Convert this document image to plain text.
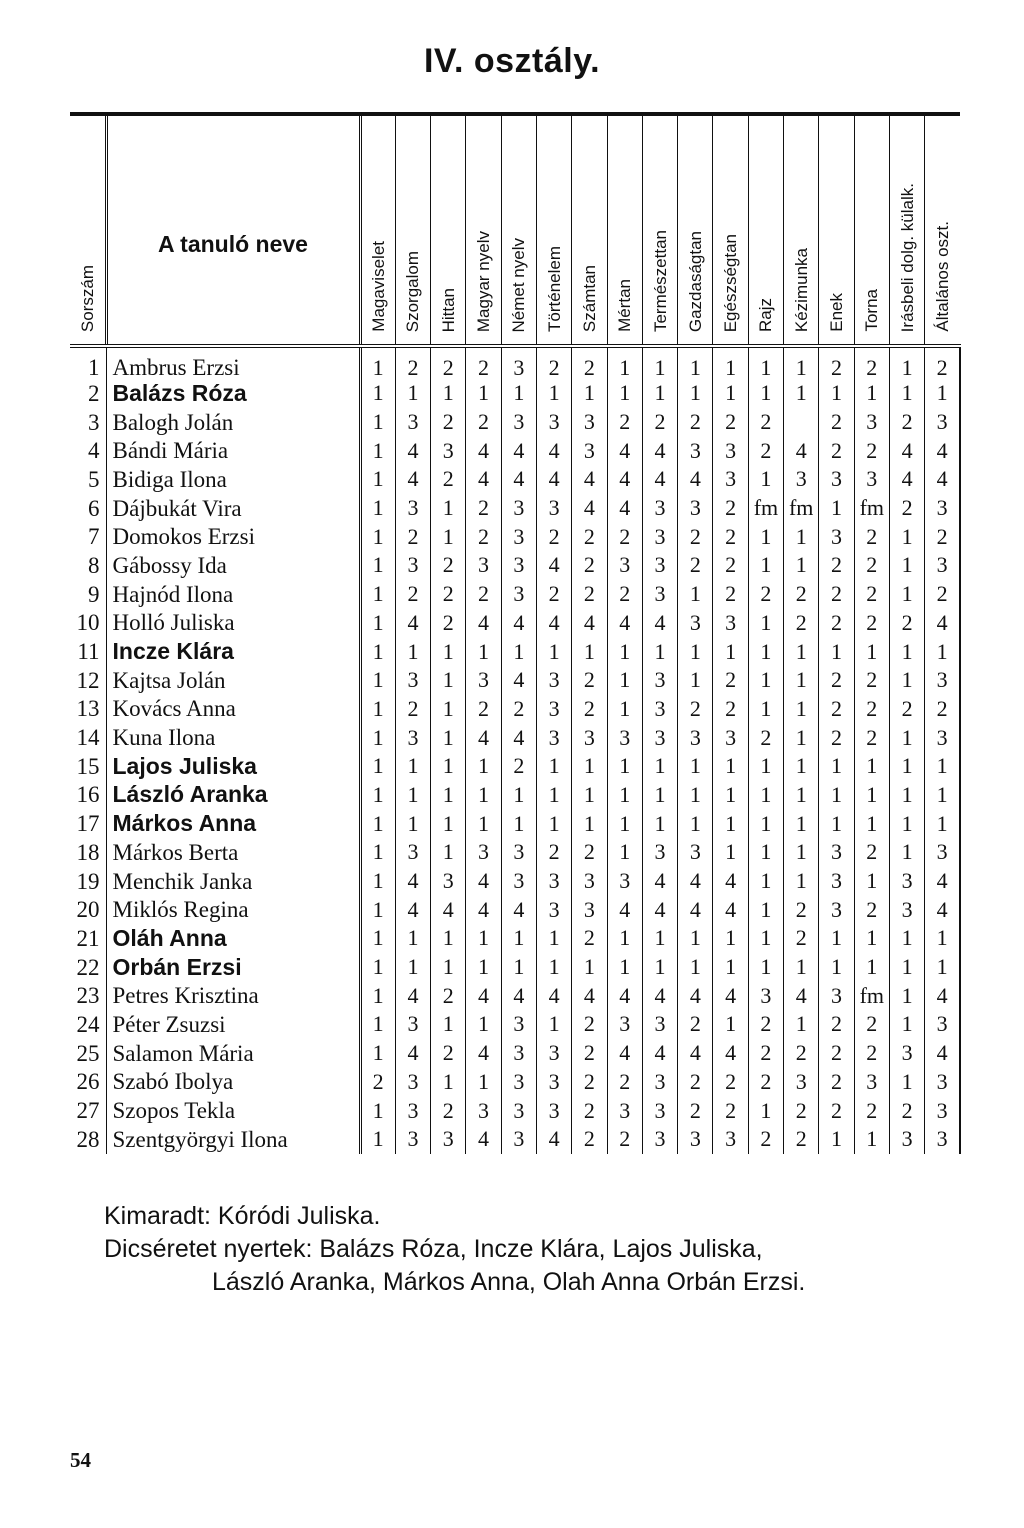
IV. osztály.
Sorszám	A tanuló neve	Magaviselet	Szorgalom	Hittan	Magyar nyelv	Német nyelv	Történelem	Számtan	Mértan	Természettan	Gazdaságtan	Egészségtan	Rajz	Kézimunka	Enek	Torna	Irásbeli dolg. külalk.	Általános oszt.
1	Ambrus Erzsi	1	2	2	2	3	2	2	1	1	1	1	1	1	2	2	1	2
2	Balázs Róza	1	1	1	1	1	1	1	1	1	1	1	1	1	1	1	1	1
3	Balogh Jolán	1	3	2	2	3	3	3	2	2	2	2	2		2	3	2	3
4	Bándi Mária	1	4	3	4	4	4	3	4	4	3	3	2	4	2	2	4	4
5	Bidiga Ilona	1	4	2	4	4	4	4	4	4	4	3	1	3	3	3	4	4
6	Dájbukát Vira	1	3	1	2	3	3	4	4	3	3	2	fm	fm	1	fm	2	3
7	Domokos Erzsi	1	2	1	2	3	2	2	2	3	2	2	1	1	3	2	1	2
8	Gábossy Ida	1	3	2	3	3	4	2	3	3	2	2	1	1	2	2	1	3
9	Hajnód Ilona	1	2	2	2	3	2	2	2	3	1	2	2	2	2	2	1	2
10	Holló Juliska	1	4	2	4	4	4	4	4	4	3	3	1	2	2	2	2	4
11	Incze Klára	1	1	1	1	1	1	1	1	1	1	1	1	1	1	1	1	1
12	Kajtsa Jolán	1	3	1	3	4	3	2	1	3	1	2	1	1	2	2	1	3
13	Kovács Anna	1	2	1	2	2	3	2	1	3	2	2	1	1	2	2	2	2
14	Kuna Ilona	1	3	1	4	4	3	3	3	3	3	3	2	1	2	2	1	3
15	Lajos Juliska	1	1	1	1	2	1	1	1	1	1	1	1	1	1	1	1	1
16	László Aranka	1	1	1	1	1	1	1	1	1	1	1	1	1	1	1	1	1
17	Márkos Anna	1	1	1	1	1	1	1	1	1	1	1	1	1	1	1	1	1
18	Márkos Berta	1	3	1	3	3	2	2	1	3	3	1	1	1	3	2	1	3
19	Menchik Janka	1	4	3	4	3	3	3	3	4	4	4	1	1	3	1	3	4
20	Miklós Regina	1	4	4	4	4	3	3	4	4	4	4	1	2	3	2	3	4
21	Oláh Anna	1	1	1	1	1	1	2	1	1	1	1	1	2	1	1	1	1
22	Orbán Erzsi	1	1	1	1	1	1	1	1	1	1	1	1	1	1	1	1	1
23	Petres Krisztina	1	4	2	4	4	4	4	4	4	4	4	3	4	3	fm	1	4
24	Péter Zsuzsi	1	3	1	1	3	1	2	3	3	2	1	2	1	2	2	1	3
25	Salamon Mária	1	4	2	4	3	3	2	4	4	4	4	2	2	2	2	3	4
26	Szabó Ibolya	2	3	1	1	3	3	2	2	3	2	2	2	3	2	3	1	3
27	Szopos Tekla	1	3	2	3	3	3	2	3	3	2	2	1	2	2	2	2	3
28	Szentgyörgyi Ilona	1	3	3	4	3	4	2	2	3	3	3	2	2	1	1	3	3
Kimaradt: Kóródi Juliska.
Dicséretet nyertek: Balázs Róza, Incze Klára, Lajos Juliska,
László Aranka, Márkos Anna, Olah Anna Orbán Erzsi.
54
